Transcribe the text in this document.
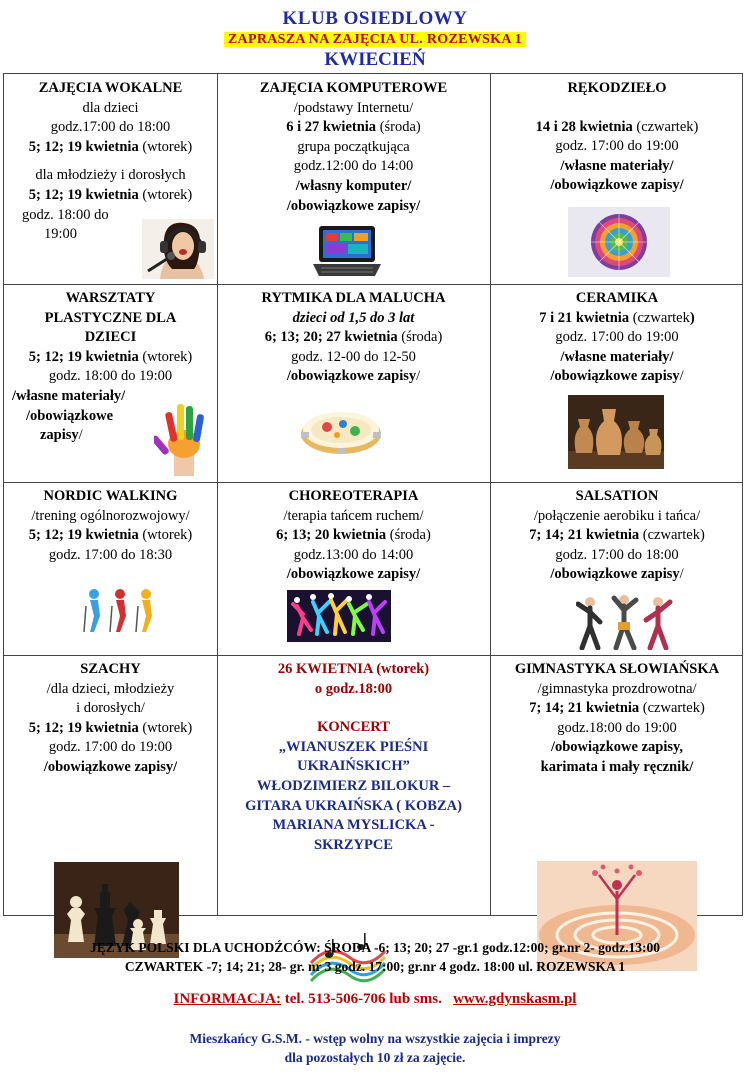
KLUB OSIEDLOWY
ZAPRASZA NA ZAJĘCIA UL. ROZEWSKA 1
KWIECIEŃ
ZAJĘCIA WOKALNE
dla dzieci
godz.17:00 do 18:00
5; 12; 19 kwietnia (wtorek)
dla młodzieży i dorosłych
5; 12; 19 kwietnia (wtorek)
godz. 18:00 do
19:00
ZAJĘCIA KOMPUTEROWE
/podstawy Internetu/
6 i 27 kwietnia (środa)
grupa początkująca
godz.12:00 do 14:00
/własny komputer/
/obowiązkowe zapisy/
RĘKODZIEŁO
14 i 28 kwietnia (czwartek)
godz. 17:00 do 19:00
/własne materiały/
/obowiązkowe zapisy/
WARSZTATY
PLASTYCZNE DLA
DZIECI
5; 12; 19 kwietnia (wtorek)
godz. 18:00 do 19:00
/własne materiały/
/obowiązkowe
zapisy/
RYTMIKA DLA MALUCHA
dzieci od 1,5 do 3 lat
6; 13; 20; 27 kwietnia (środa)
godz. 12-00 do 12-50
/obowiązkowe zapisy/
CERAMIKA
7 i 21 kwietnia (czwartek)
godz. 17:00 do 19:00
/własne materiały/
/obowiązkowe zapisy/
NORDIC WALKING
/trening ogólnorozwojowy/
5; 12; 19 kwietnia (wtorek)
godz. 17:00 do 18:30
CHOREOTERAPIA
/terapia tańcem ruchem/
6; 13; 20 kwietnia (środa)
godz.13:00 do 14:00
/obowiązkowe zapisy/
SALSATION
/połączenie aerobiku i tańca/
7; 14; 21 kwietnia (czwartek)
godz. 17:00 do 18:00
/obowiązkowe zapisy/
SZACHY
/dla dzieci, młodzieży
i dorosłych/
5; 12; 19 kwietnia (wtorek)
godz. 17:00 do 19:00
/obowiązkowe zapisy/
26 KWIETNIA (wtorek)
o godz.18:00
KONCERT
„WIANUSZEK PIEŚNI
UKRAIŃSKICH”
WŁODZIMIERZ BILOKUR –
GITARA UKRAIŃSKA ( KOBZA)
MARIANA MYSLICKA -
SKRZYPCE
GIMNASTYKA SŁOWIAŃSKA
/gimnastyka prozdrowotna/
7; 14; 21 kwietnia (czwartek)
godz.18:00 do 19:00
/obowiązkowe zapisy,
karimata i mały ręcznik/
JĘZYK POLSKI DLA UCHODŹCÓW: ŚRODA -6; 13; 20; 27 -gr.1 godz.12:00; gr.nr 2- godz.13:00
CZWARTEK -7; 14; 21; 28- gr. nr 3 godz. 17:00; gr.nr 4 godz. 18:00 ul. ROZEWSKA 1
INFORMACJA: tel. 513-506-706 lub sms.   www.gdynskasm.pl
Mieszkańcy G.S.M. - wstęp wolny na wszystkie zajęcia i imprezy
dla pozostałych 10 zł za zajęcie.
